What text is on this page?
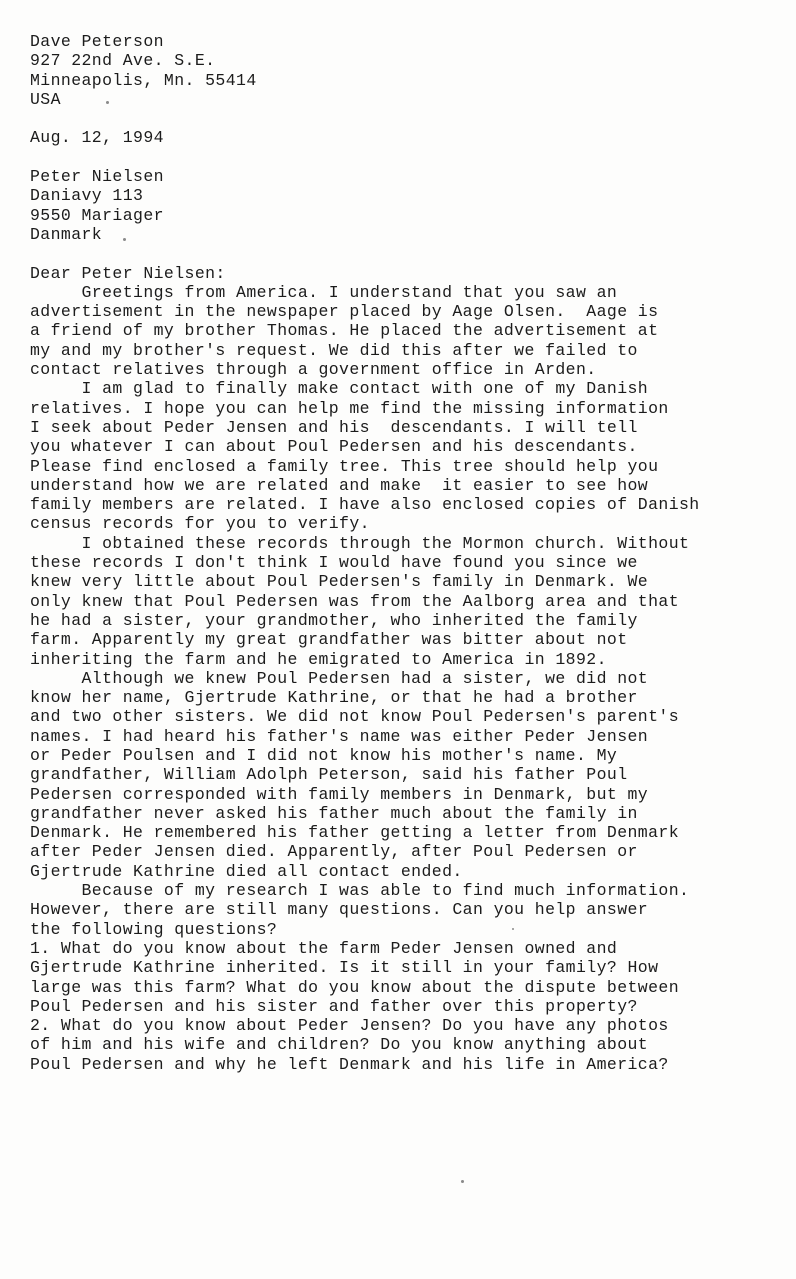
Dave Peterson
927 22nd Ave. S.E.
Minneapolis, Mn. 55414
USA
Aug. 12, 1994
Peter Nielsen
Daniavy 113
9550 Mariager
Danmark
Dear Peter Nielsen:
Greetings from America. I understand that you saw an
advertisement in the newspaper placed by Aage Olsen.  Aage is
a friend of my brother Thomas. He placed the advertisement at
my and my brother's request. We did this after we failed to
contact relatives through a government office in Arden.
I am glad to finally make contact with one of my Danish
relatives. I hope you can help me find the missing information
I seek about Peder Jensen and his  descendants. I will tell
you whatever I can about Poul Pedersen and his descendants.
Please find enclosed a family tree. This tree should help you
understand how we are related and make  it easier to see how
family members are related. I have also enclosed copies of Danish
census records for you to verify.
I obtained these records through the Mormon church. Without
these records I don't think I would have found you since we
knew very little about Poul Pedersen's family in Denmark. We
only knew that Poul Pedersen was from the Aalborg area and that
he had a sister, your grandmother, who inherited the family
farm. Apparently my great grandfather was bitter about not
inheriting the farm and he emigrated to America in 1892.
Although we knew Poul Pedersen had a sister, we did not
know her name, Gjertrude Kathrine, or that he had a brother
and two other sisters. We did not know Poul Pedersen's parent's
names. I had heard his father's name was either Peder Jensen
or Peder Poulsen and I did not know his mother's name. My
grandfather, William Adolph Peterson, said his father Poul
Pedersen corresponded with family members in Denmark, but my
grandfather never asked his father much about the family in
Denmark. He remembered his father getting a letter from Denmark
after Peder Jensen died. Apparently, after Poul Pedersen or
Gjertrude Kathrine died all contact ended.
Because of my research I was able to find much information.
However, there are still many questions. Can you help answer
the following questions?
1. What do you know about the farm Peder Jensen owned and
Gjertrude Kathrine inherited. Is it still in your family? How
large was this farm? What do you know about the dispute between
Poul Pedersen and his sister and father over this property?
2. What do you know about Peder Jensen? Do you have any photos
of him and his wife and children? Do you know anything about
Poul Pedersen and why he left Denmark and his life in America?
